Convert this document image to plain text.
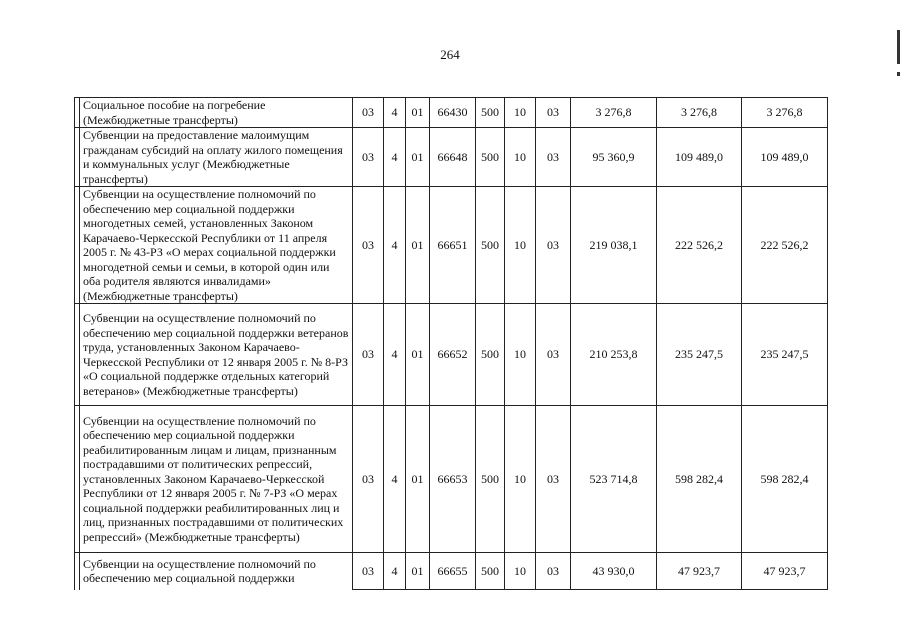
264
	Социальное пособие на погребение (Межбюджетные трансферты)	03	4	01	66430	500	10	03	3 276,8	3 276,8	3 276,8
	Субвенции на предоставление малоимущим гражданам субсидий на оплату жилого помещения и коммунальных услуг (Межбюджетные трансферты)	03	4	01	66648	500	10	03	95 360,9	109 489,0	109 489,0
	Субвенции на осуществление полномочий по обеспечению мер социальной поддержки многодетных семей, установленных Законом Карачаево-Черкесской Республики от 11 апреля 2005 г. № 43-РЗ «О мерах социальной поддержки многодетной семьи и семьи, в которой один или оба родителя являются инвалидами» (Межбюджетные трансферты)	03	4	01	66651	500	10	03	219 038,1	222 526,2	222 526,2
	Субвенции на осуществление полномочий по обеспечению мер социальной поддержки ветеранов труда, установленных Законом Карачаево-Черкесской Республики от 12 января 2005 г. № 8-РЗ «О социальной поддержке отдельных категорий ветеранов» (Межбюджетные трансферты)	03	4	01	66652	500	10	03	210 253,8	235 247,5	235 247,5
	Субвенции на осуществление полномочий по обеспечению мер социальной поддержки реабилитированным лицам и лицам, признанным пострадавшими от политических репрессий, установленных Законом Карачаево-Черкесской Республики от 12 января 2005 г. № 7-РЗ «О мерах социальной поддержки реабилитированных лиц и лиц, признанных пострадавшими от политических репрессий» (Межбюджетные трансферты)	03	4	01	66653	500	10	03	523 714,8	598 282,4	598 282,4
	Субвенции на осуществление полномочий по обеспечению мер социальной поддержки	03	4	01	66655	500	10	03	43 930,0	47 923,7	47 923,7
